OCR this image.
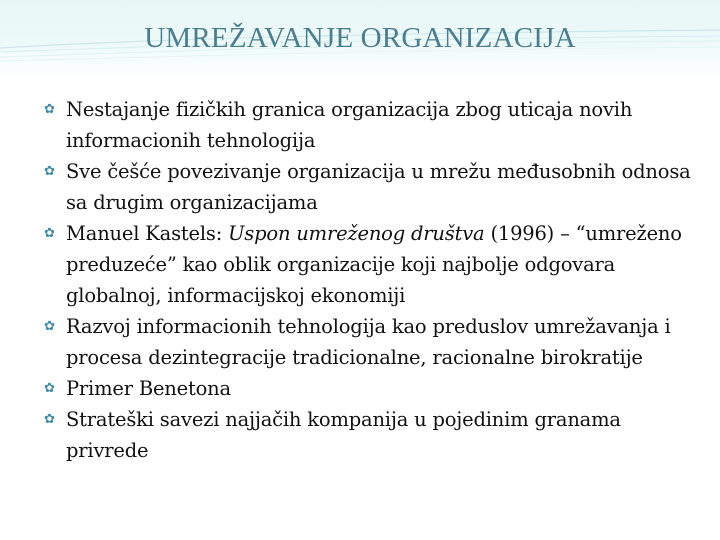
UMREŽAVANJE ORGANIZACIJA
✿ Nestajanje fizičkih granica organizacija zbog uticaja novih informacionih tehnologija
✿ Sve češće povezivanje organizacija u mrežu međusobnih odnosa sa drugim organizacijama
✿ Manuel Kastels: Uspon umreženog društva (1996) – “umreženo preduzeće” kao oblik organizacije koji najbolje odgovara globalnoj, informacijskoj ekonomiji
✿ Razvoj informacionih tehnologija kao preduslov umrežavanja i procesa dezintegracije tradicionalne, racionalne birokratije
✿ Primer Benetona
✿ Strateški savezi najjačih kompanija u pojedinim granama privrede
